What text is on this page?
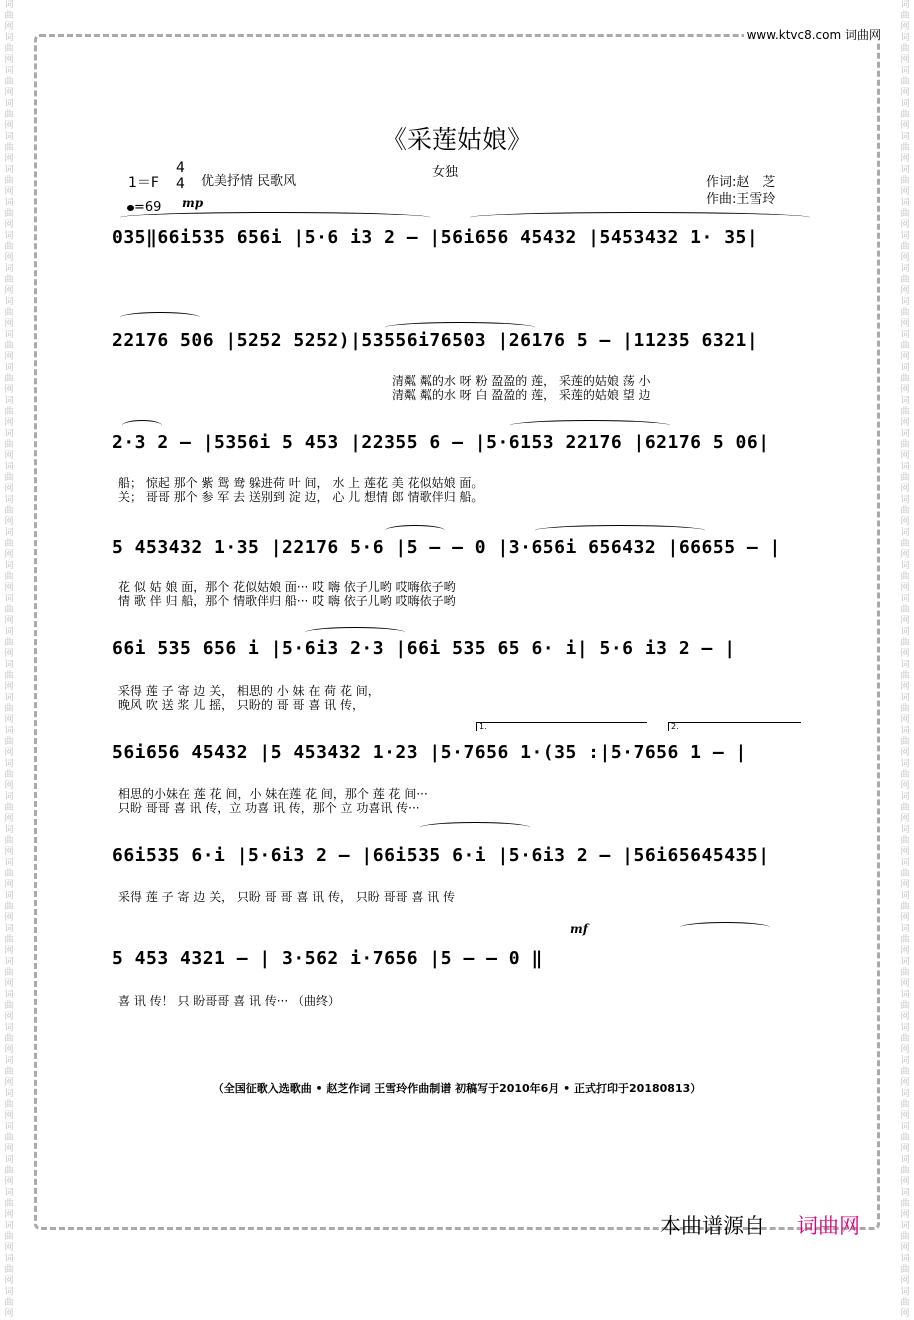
词
曲
网
词
曲
网
词
曲
网
词
曲
网
词
曲
网
词
曲
网
词
曲
网
词
曲
网
词
曲
网
词
曲
网
词
曲
网
词
曲
网
词
曲
网
词
曲
网
词
曲
网
词
曲
网
词
曲
网
词
曲
网
词
曲
网
词
曲
网
词
曲
网
词
曲
网
词
曲
网
词
曲
网
词
曲
网
词
曲
网
词
曲
网
词
曲
网
词
曲
网
词
曲
网
词
曲
网
词
曲
网
词
曲
网
词
曲
网
词
曲
网
词
曲
网
词
曲
网
词
曲
网
词
曲
网
词
曲
网

词
曲
网
词
曲
网
词
曲
网
词
曲
网
词
曲
网
词
曲
网
词
曲
网
词
曲
网
词
曲
网
词
曲
网
词
曲
网
词
曲
网
词
曲
网
词
曲
网
词
曲
网
词
曲
网
词
曲
网
词
曲
网
词
曲
网
词
曲
网
词
曲
网
词
曲
网
词
曲
网
词
曲
网
词
曲
网
词
曲
网
词
曲
网
词
曲
网
词
曲
网
词
曲
网
词
曲
网
词
曲
网
词
曲
网
词
曲
网
词
曲
网
词
曲
网
词
曲
网
词
曲
网
词
曲
网
词
曲
网

www.ktvc8.com 词曲网
《采莲姑娘》
女独
1＝F
4
4 优美抒情 民歌风
=69 mp
作词:赵　芝
作曲:王雪玲
1.	2.
mf
035‖66i535 656i |5·6 i3 2 – |56i656 45432 |5453432 1· 35|
22176 506 |5252 5252)|53556i76503 |26176 5 – |11235 6321|
2·3 2 – |5356i 5 453 |22355 6 – |5·6153 22176 |62176 5 06|
5 453432 1·35 |22176 5·6 |5 – – 0 |3·656i 656432 |66655 – |
66i 535 656 i |5·6i3 2·3 |66i 535 65 6· i| 5·6 i3 2 – |
56i656 45432 |5 453432 1·23 |5·7656 1·(35 :|5·7656 1 – |
66i535 6·i |5·6i3 2 – |66i535 6·i |5·6i3 2 – |56i65645435|
5 453 4321 – | 3·562 i·7656 |5 – – 0 ‖
清粼 粼的水 呀 粉 盈盈的 莲， 采莲的姑娘 荡 小
清粼 粼的水 呀 白 盈盈的 莲， 采莲的姑娘 望 边
船； 惊起 那个 紫 鸳 鸯 躲进荷 叶 间， 水 上 莲花 美 花似姑娘 面。
关； 哥哥 那个 参 军 去 送别到 淀 边， 心 儿 想情 郎 情歌伴归 船。
花 似 姑 娘 面，那个 花似姑娘 面··· 哎 嗨 依子儿哟 哎嗨依子哟
情 歌 伴 归 船，那个 情歌伴归 船··· 哎 嗨 依子儿哟 哎嗨依子哟
采得 莲 子 寄 边 关， 相思的 小 妹 在 荷 花 间，
晚风 吹 送 浆 儿 摇， 只盼的 哥 哥 喜 讯 传，
相思的小妹在 莲 花 间，小 妹在莲 花 间，那个 莲 花 间···
只盼 哥哥 喜 讯 传，立 功喜 讯 传，那个 立 功喜讯 传···
采得 莲 子 寄 边 关， 只盼 哥 哥 喜 讯 传， 只盼 哥哥 喜 讯 传
喜 讯 传！ 只 盼哥哥 喜 讯 传··· （曲终）
（全国征歌入选歌曲 • 赵芝作词 王雪玲作曲制谱 初稿写于2010年6月 • 正式打印于20180813）
本曲谱源自 词曲网
